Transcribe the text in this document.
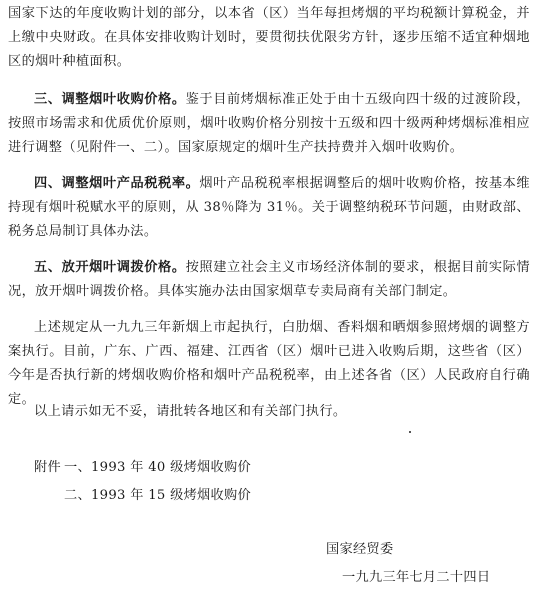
国家下达的年度收购计划的部分，以本省（区）当年每担烤烟的平均税额计算税金，并上缴中央财政。在具体安排收购计划时，要贯彻扶优限劣方针，逐步压缩不适宜种烟地区的烟叶种植面积。

三、调整烟叶收购价格。鉴于目前烤烟标准正处于由十五级向四十级的过渡阶段，按照市场需求和优质优价原则，烟叶收购价格分别按十五级和四十级两种烤烟标准相应进行调整（见附件一、二）。国家原规定的烟叶生产扶持费并入烟叶收购价。

四、调整烟叶产品税税率。烟叶产品税税率根据调整后的烟叶收购价格，按基本维持现有烟叶税赋水平的原则，从 38％降为 31％。关于调整纳税环节问题，由财政部、税务总局制订具体办法。

五、放开烟叶调拨价格。按照建立社会主义市场经济体制的要求，根据目前实际情况，放开烟叶调拨价格。具体实施办法由国家烟草专卖局商有关部门制定。

上述规定从一九九三年新烟上市起执行，白肋烟、香料烟和晒烟参照烤烟的调整方案执行。目前，广东、广西、福建、江西省（区）烟叶已进入收购后期，这些省（区）今年是否执行新的烤烟收购价格和烟叶产品税税率，由上述各省（区）人民政府自行确定。

以上请示如无不妥，请批转各地区和有关部门执行。

附件 一、1993 年 40 级烤烟收购价
二、1993 年 15 级烤烟收购价
国家经贸委
一九九三年七月二十四日
